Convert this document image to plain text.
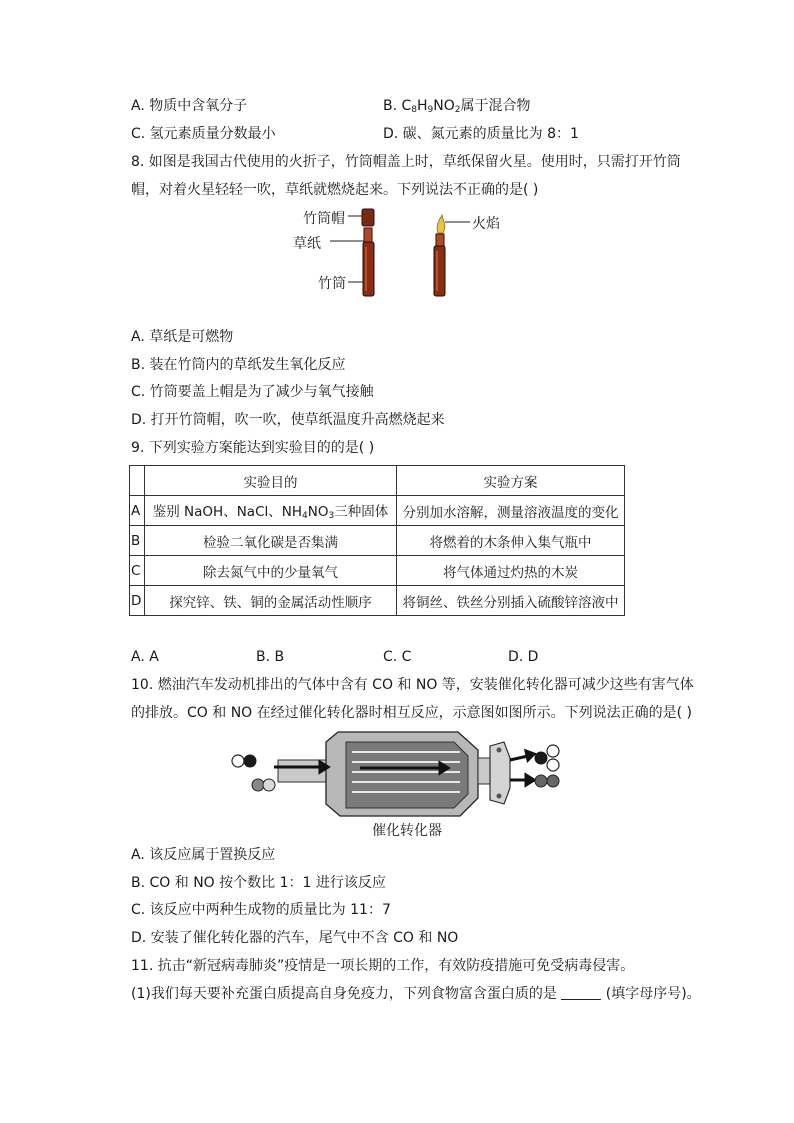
A. 物质中含氧分子	B. $C_8H_9NO_2$属于混合物
C. 氢元素质量分数最小	D. 碳、氮元素的质量比为 8：1
8. 如图是我国古代使用的火折子，竹筒帽盖上时，草纸保留火星。使用时，只需打开竹筒
帽，对着火星轻轻一吹，草纸就燃烧起来。下列说法不正确的是( )
竹筒帽
草纸
竹筒
火焰
A. 草纸是可燃物
B. 装在竹筒内的草纸发生氧化反应
C. 竹筒要盖上帽是为了减少与氧气接触
D. 打开竹筒帽，吹一吹，使草纸温度升高燃烧起来
9. 下列实验方案能达到实验目的的是( )
	实验目的	实验方案
A	鉴别 NaOH、NaCl、$NH_4NO_3$三种固体	分别加水溶解，测量溶液温度的变化
B	检验二氧化碳是否集满	将燃着的木条伸入集气瓶中
C	除去氮气中的少量氧气	将气体通过灼热的木炭
D	探究锌、铁、铜的金属活动性顺序	将铜丝、铁丝分别插入硫酸锌溶液中
A. A	B. B	C. C	D. D
10. 燃油汽车发动机排出的气体中含有 CO 和 NO 等，安装催化转化器可减少这些有害气体
的排放。CO 和 NO 在经过催化转化器时相互反应，示意图如图所示。下列说法正确的是( )
催化转化器
A. 该反应属于置换反应
B. CO 和 NO 按个数比 1：1 进行该反应
C. 该反应中两种生成物的质量比为 11：7
D. 安装了催化转化器的汽车，尾气中不含 CO 和 NO
11. 抗击“新冠病毒肺炎”疫情是一项长期的工作，有效防疫措施可免受病毒侵害。
(1)我们每天要补充蛋白质提高自身免疫力，下列食物富含蛋白质的是	(填字母序号)。
